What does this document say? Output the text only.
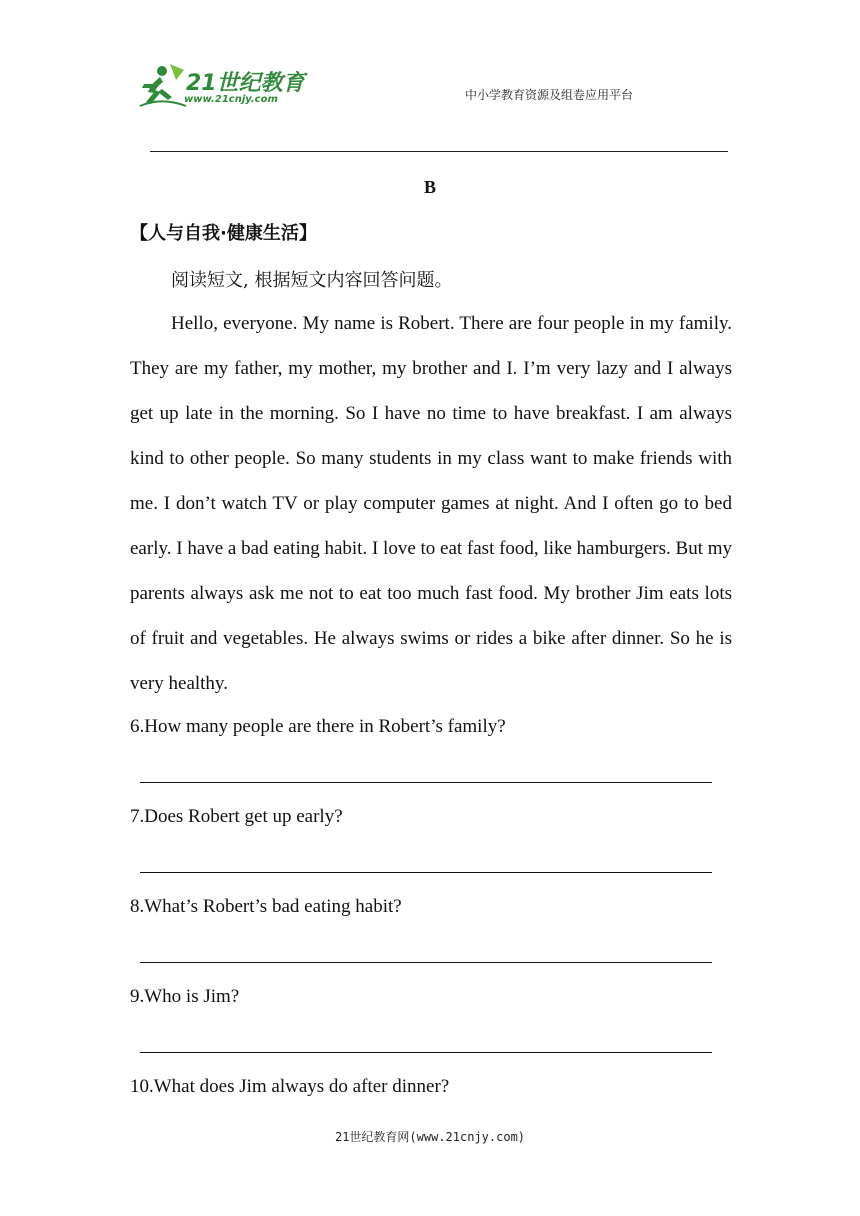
21世纪教育
www.21cnjy.com	中小学教育资源及组卷应用平台
B
【人与自我·健康生活】
阅读短文, 根据短文内容回答问题。

Hello, everyone. My name is Robert. There are four people in my family. They are my father, my mother, my brother and I. I’m very lazy and I always get up late in the morning. So I have no time to have breakfast. I am always kind to other people. So many students in my class want to make friends with me. I don’t watch TV or play computer games at night. And I often go to bed early. I have a bad eating habit. I love to eat fast food, like hamburgers. But my parents always ask me not to eat too much fast food. My brother Jim eats lots of fruit and vegetables. He always swims or rides a bike after dinner. So he is very healthy.

6.How many people are there in Robert’s family?
7.Does Robert get up early?
8.What’s Robert’s bad eating habit?
9.Who is Jim?
10.What does Jim always do after dinner?
21世纪教育网(www.21cnjy.com)
